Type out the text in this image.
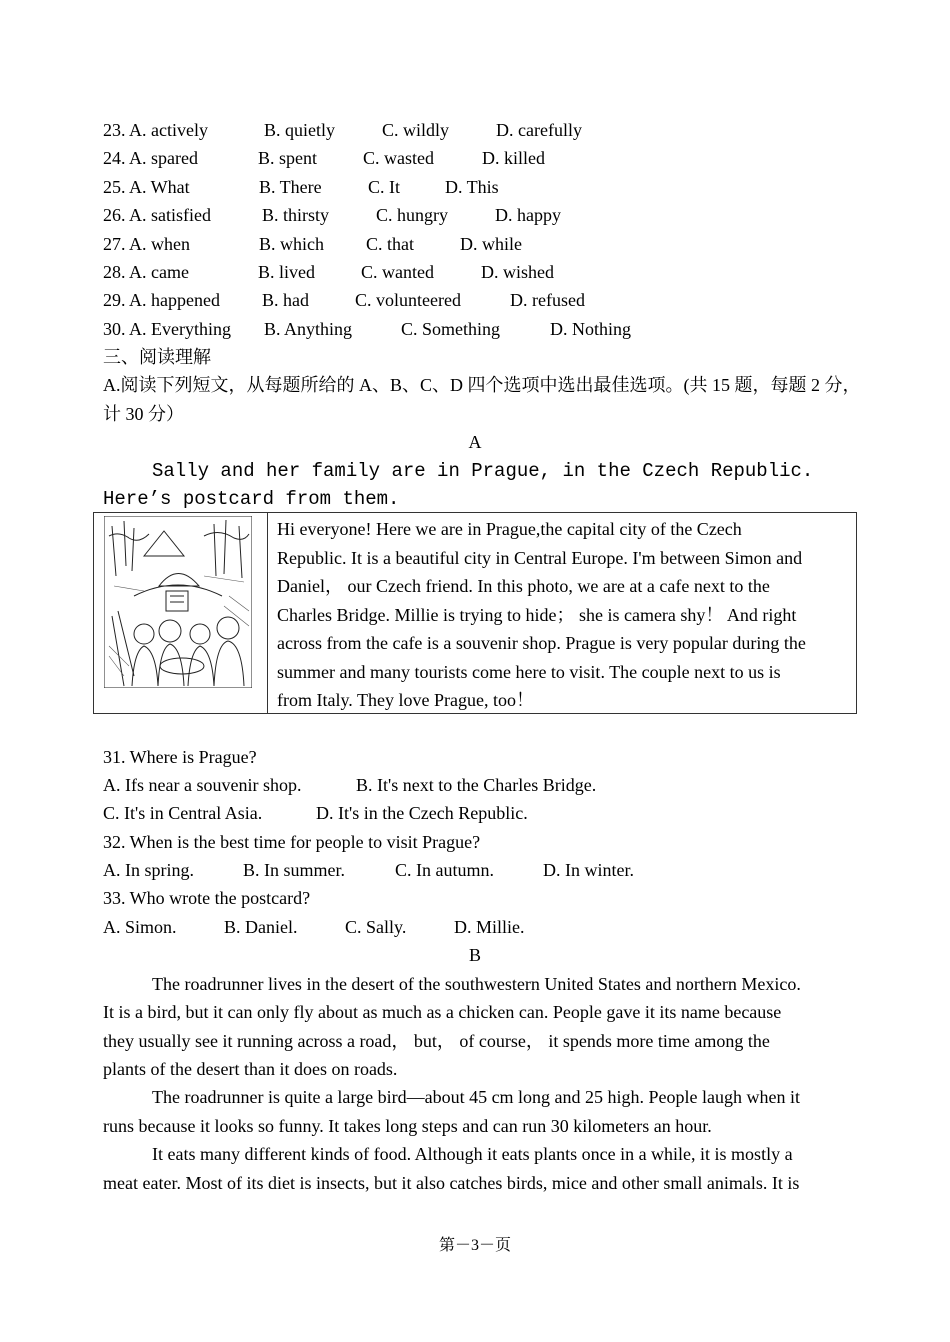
23. A. actively	B. quietly	C. wildly	D. carefully
24. A. spared	B. spent	C. wasted	D. killed
25. A. What	B. There	C. It D. This
26. A. satisfied	B. thirsty	C. hungry	D. happy
27. A. when	B. which C. that	D. while
28. A. came	B. lived	C. wanted	D. wished
29. A. happened B. had	C. volunteered	D. refused
30. A. Everything B. Anything	C. Something	D. Nothing
三、阅读理解
A.阅读下列短文，从每题所给的 A、B、C、D 四个选项中选出最佳选项。(共 15 题，每题 2 分，
计 30 分）
A
Sally and her family are in Prague, in the Czech Republic.
Here’s postcard from them.
Hi everyone! Here we are in Prague,the capital city of the Czech
Republic. It is a beautiful city in Central Europe. I'm between Simon and
Daniel， our Czech friend. In this photo, we are at a cafe next to the
Charles Bridge. Millie is trying to hide； she is camera shy！ And right
across from the cafe is a souvenir shop. Prague is very popular during the
summer and many tourists come here to visit. The couple next to us is
from Italy. They love Prague, too！
31. Where is Prague?
A. Ifs near a souvenir shop.	B. It's next to the Charles Bridge.
C. It's in Central Asia.	D. It's in the Czech Republic.
32. When is the best time for people to visit Prague?
A. In spring.	B. In summer.	C. In autumn.	D. In winter.
33. Who wrote the postcard?
A. Simon.	B. Daniel.	C. Sally.	D. Millie.
B
The roadrunner lives in the desert of the southwestern United States and northern Mexico.
It is a bird, but it can only fly about as much as a chicken can. People gave it its name because
they usually see it running across a road， but， of course， it spends more time among the
plants of the desert than it does on roads.
The roadrunner is quite a large bird—about 45 cm long and 25 high. People laugh when it
runs because it looks so funny. It takes long steps and can run 30 kilometers an hour.
It eats many different kinds of food. Although it eats plants once in a while, it is mostly a
meat eater. Most of its diet is insects, but it also catches birds, mice and other small animals. It is
第－3－页
